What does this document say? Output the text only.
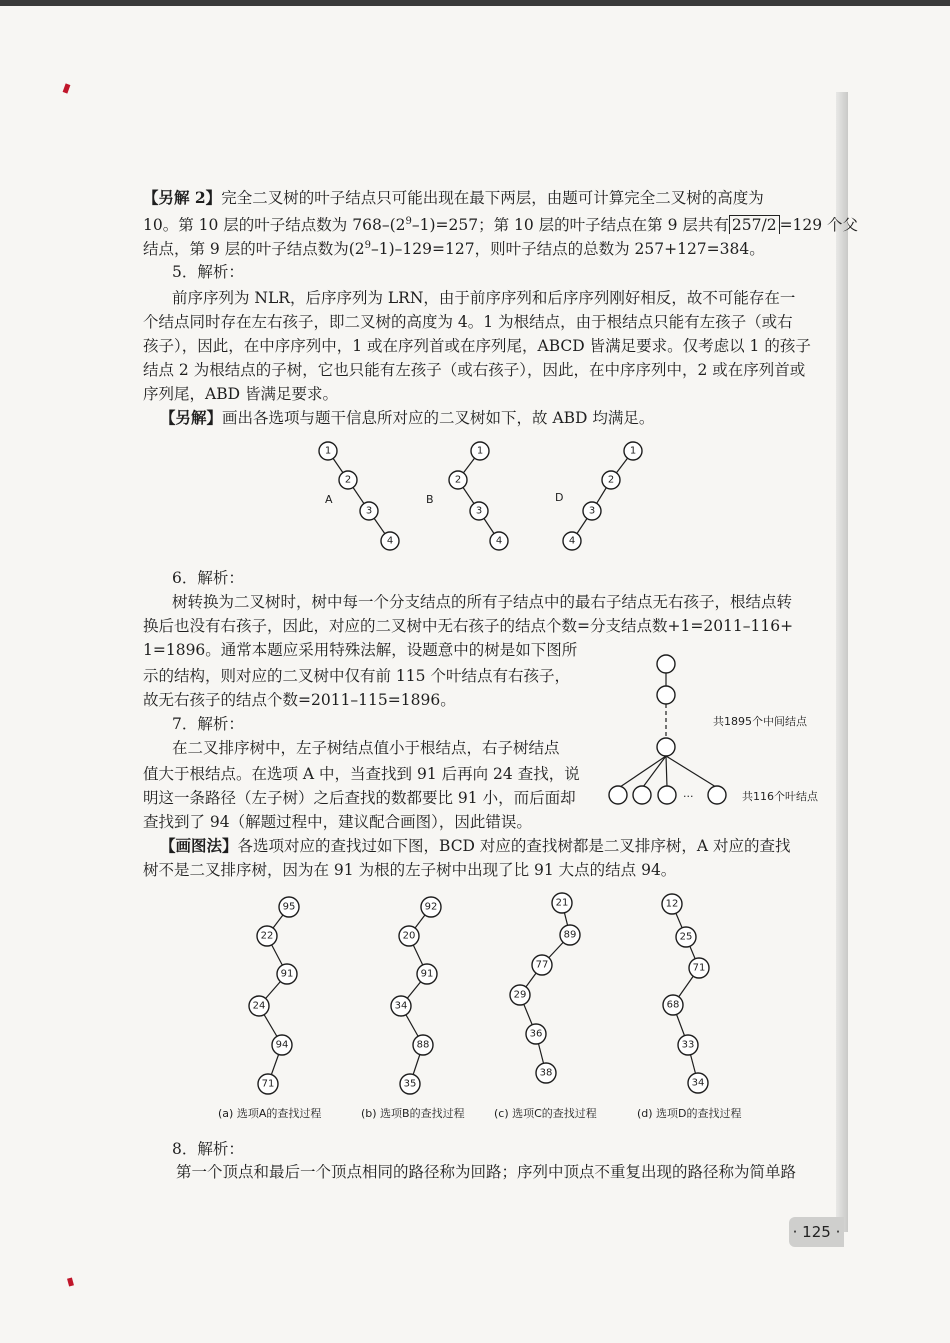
【另解 2】完全二叉树的叶子结点只可能出现在最下两层，由题可计算完全二叉树的高度为
10。第 10 层的叶子结点数为 $768-(2^9-1)=257$；第 10 层的叶子结点在第 9 层共有 257/2 =129 个父
结点，第 9 层的叶子结点数为$(2^9-1)-129=127$，则叶子结点的总数为 257+127=384。
5．解析：
前序序列为 NLR，后序序列为 LRN，由于前序序列和后序序列刚好相反，故不可能存在一
个结点同时存在左右孩子，即二叉树的高度为 4。1 为根结点，由于根结点只能有左孩子（或右
孩子），因此，在中序序列中，1 或在序列首或在序列尾，ABCD 皆满足要求。仅考虑以 1 的孩子
结点 2 为根结点的子树，它也只能有左孩子（或右孩子），因此，在中序序列中，2 或在序列首或
序列尾，ABD 皆满足要求。
【另解】画出各选项与题干信息所对应的二叉树如下，故 ABD 均满足。
1
2
3
4
A
1
2
3
4
B
1
2
3
4
D
···
共1895个中间结点
共116个叶结点
95
22
91
24
94
71
(a) 选项A的查找过程
92
20
91
34
88
35
(b) 选项B的查找过程
21
89
77
29
36
38
(c) 选项C的查找过程
12
25
71
68
33
34
(d) 选项D的查找过程
6．解析：
树转换为二叉树时，树中每一个分支结点的所有子结点中的最右子结点无右孩子，根结点转
换后也没有右孩子，因此，对应的二叉树中无右孩子的结点个数=分支结点数+1=2011–116+
1=1896。通常本题应采用特殊法解，设题意中的树是如下图所
示的结构，则对应的二叉树中仅有前 115 个叶结点有右孩子，
故无右孩子的结点个数=2011–115=1896。
7．解析：
在二叉排序树中，左子树结点值小于根结点，右子树结点
值大于根结点。在选项 A 中，当查找到 91 后再向 24 查找，说
明这一条路径（左子树）之后查找的数都要比 91 小，而后面却
查找到了 94（解题过程中，建议配合画图），因此错误。
【画图法】各选项对应的查找过如下图，BCD 对应的查找树都是二叉排序树，A 对应的查找
树不是二叉排序树，因为在 91 为根的左子树中出现了比 91 大点的结点 94。
8．解析：
第一个顶点和最后一个顶点相同的路径称为回路；序列中顶点不重复出现的路径称为简单路
· 125 ·
